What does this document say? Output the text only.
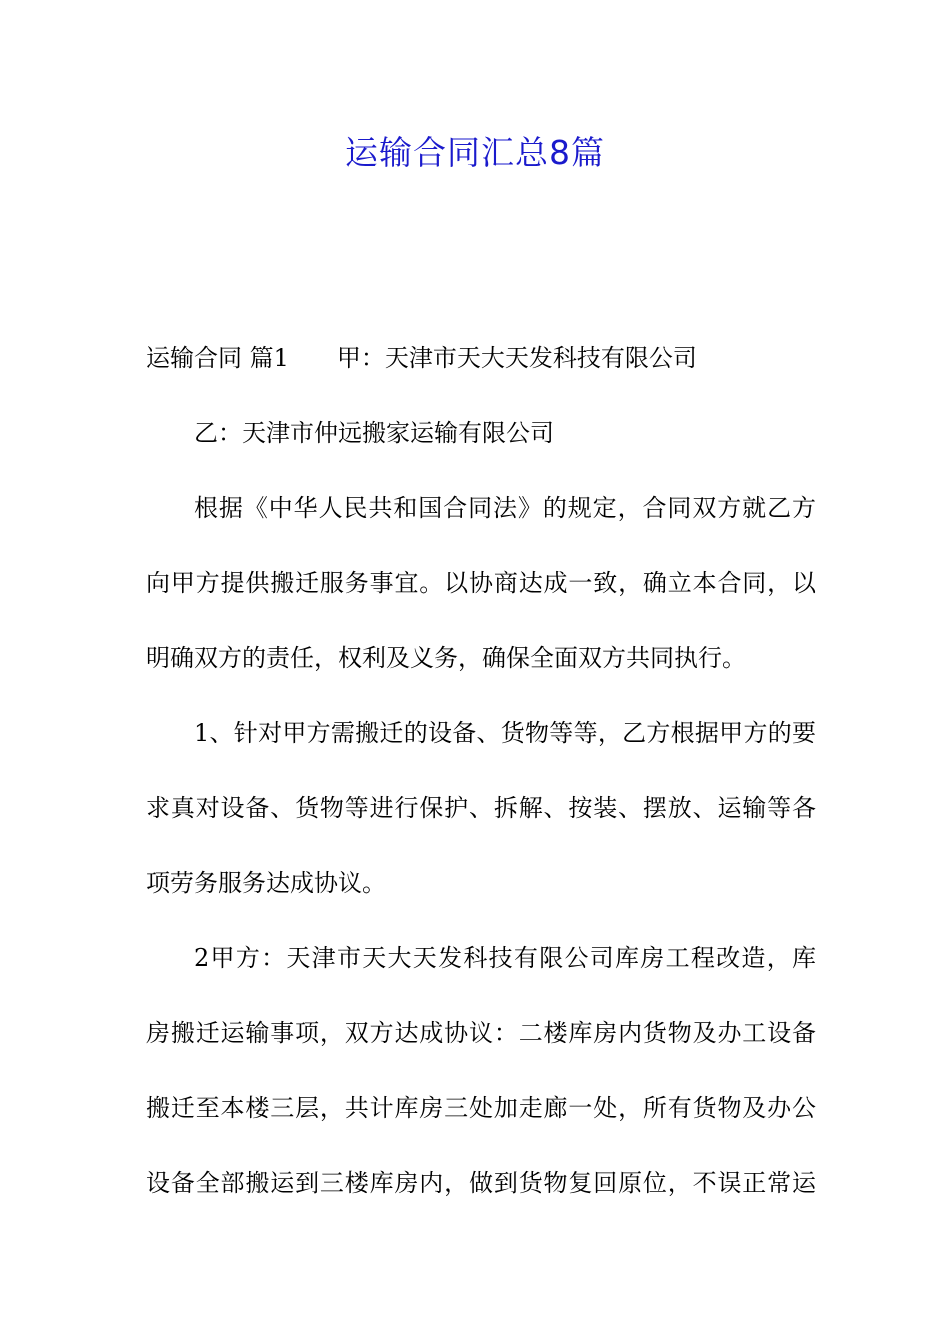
运输合同汇总8篇
运输合同 篇1 甲：天津市天大天发科技有限公司
乙：天津市仲远搬家运输有限公司
根据《中华人民共和国合同法》的规定，合同双方就乙方
向甲方提供搬迁服务事宜。以协商达成一致，确立本合同，以
明确双方的责任，权利及义务，确保全面双方共同执行。
1、针对甲方需搬迁的设备、货物等等，乙方根据甲方的要
求真对设备、货物等进行保护、拆解、按装、摆放、运输等各
项劳务服务达成协议。
2甲方：天津市天大天发科技有限公司库房工程改造，库
房搬迁运输事项，双方达成协议：二楼库房内货物及办工设备
搬迁至本楼三层，共计库房三处加走廊一处，所有货物及办公
设备全部搬运到三楼库房内，做到货物复回原位，不误正常运
